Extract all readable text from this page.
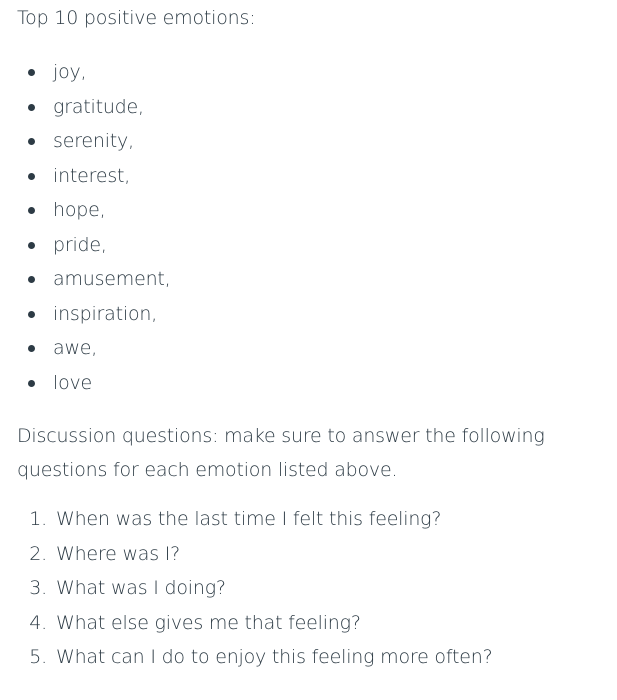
Top 10 positive emotions:

joy,
gratitude,
serenity,
interest,
hope,
pride,
amusement,
inspiration,
awe,
love

Discussion questions: make sure to answer the following questions for each emotion listed above.

1. When was the last time I felt this feeling?
2. Where was I?
3. What was I doing?
4. What else gives me that feeling?
5. What can I do to enjoy this feeling more often?
